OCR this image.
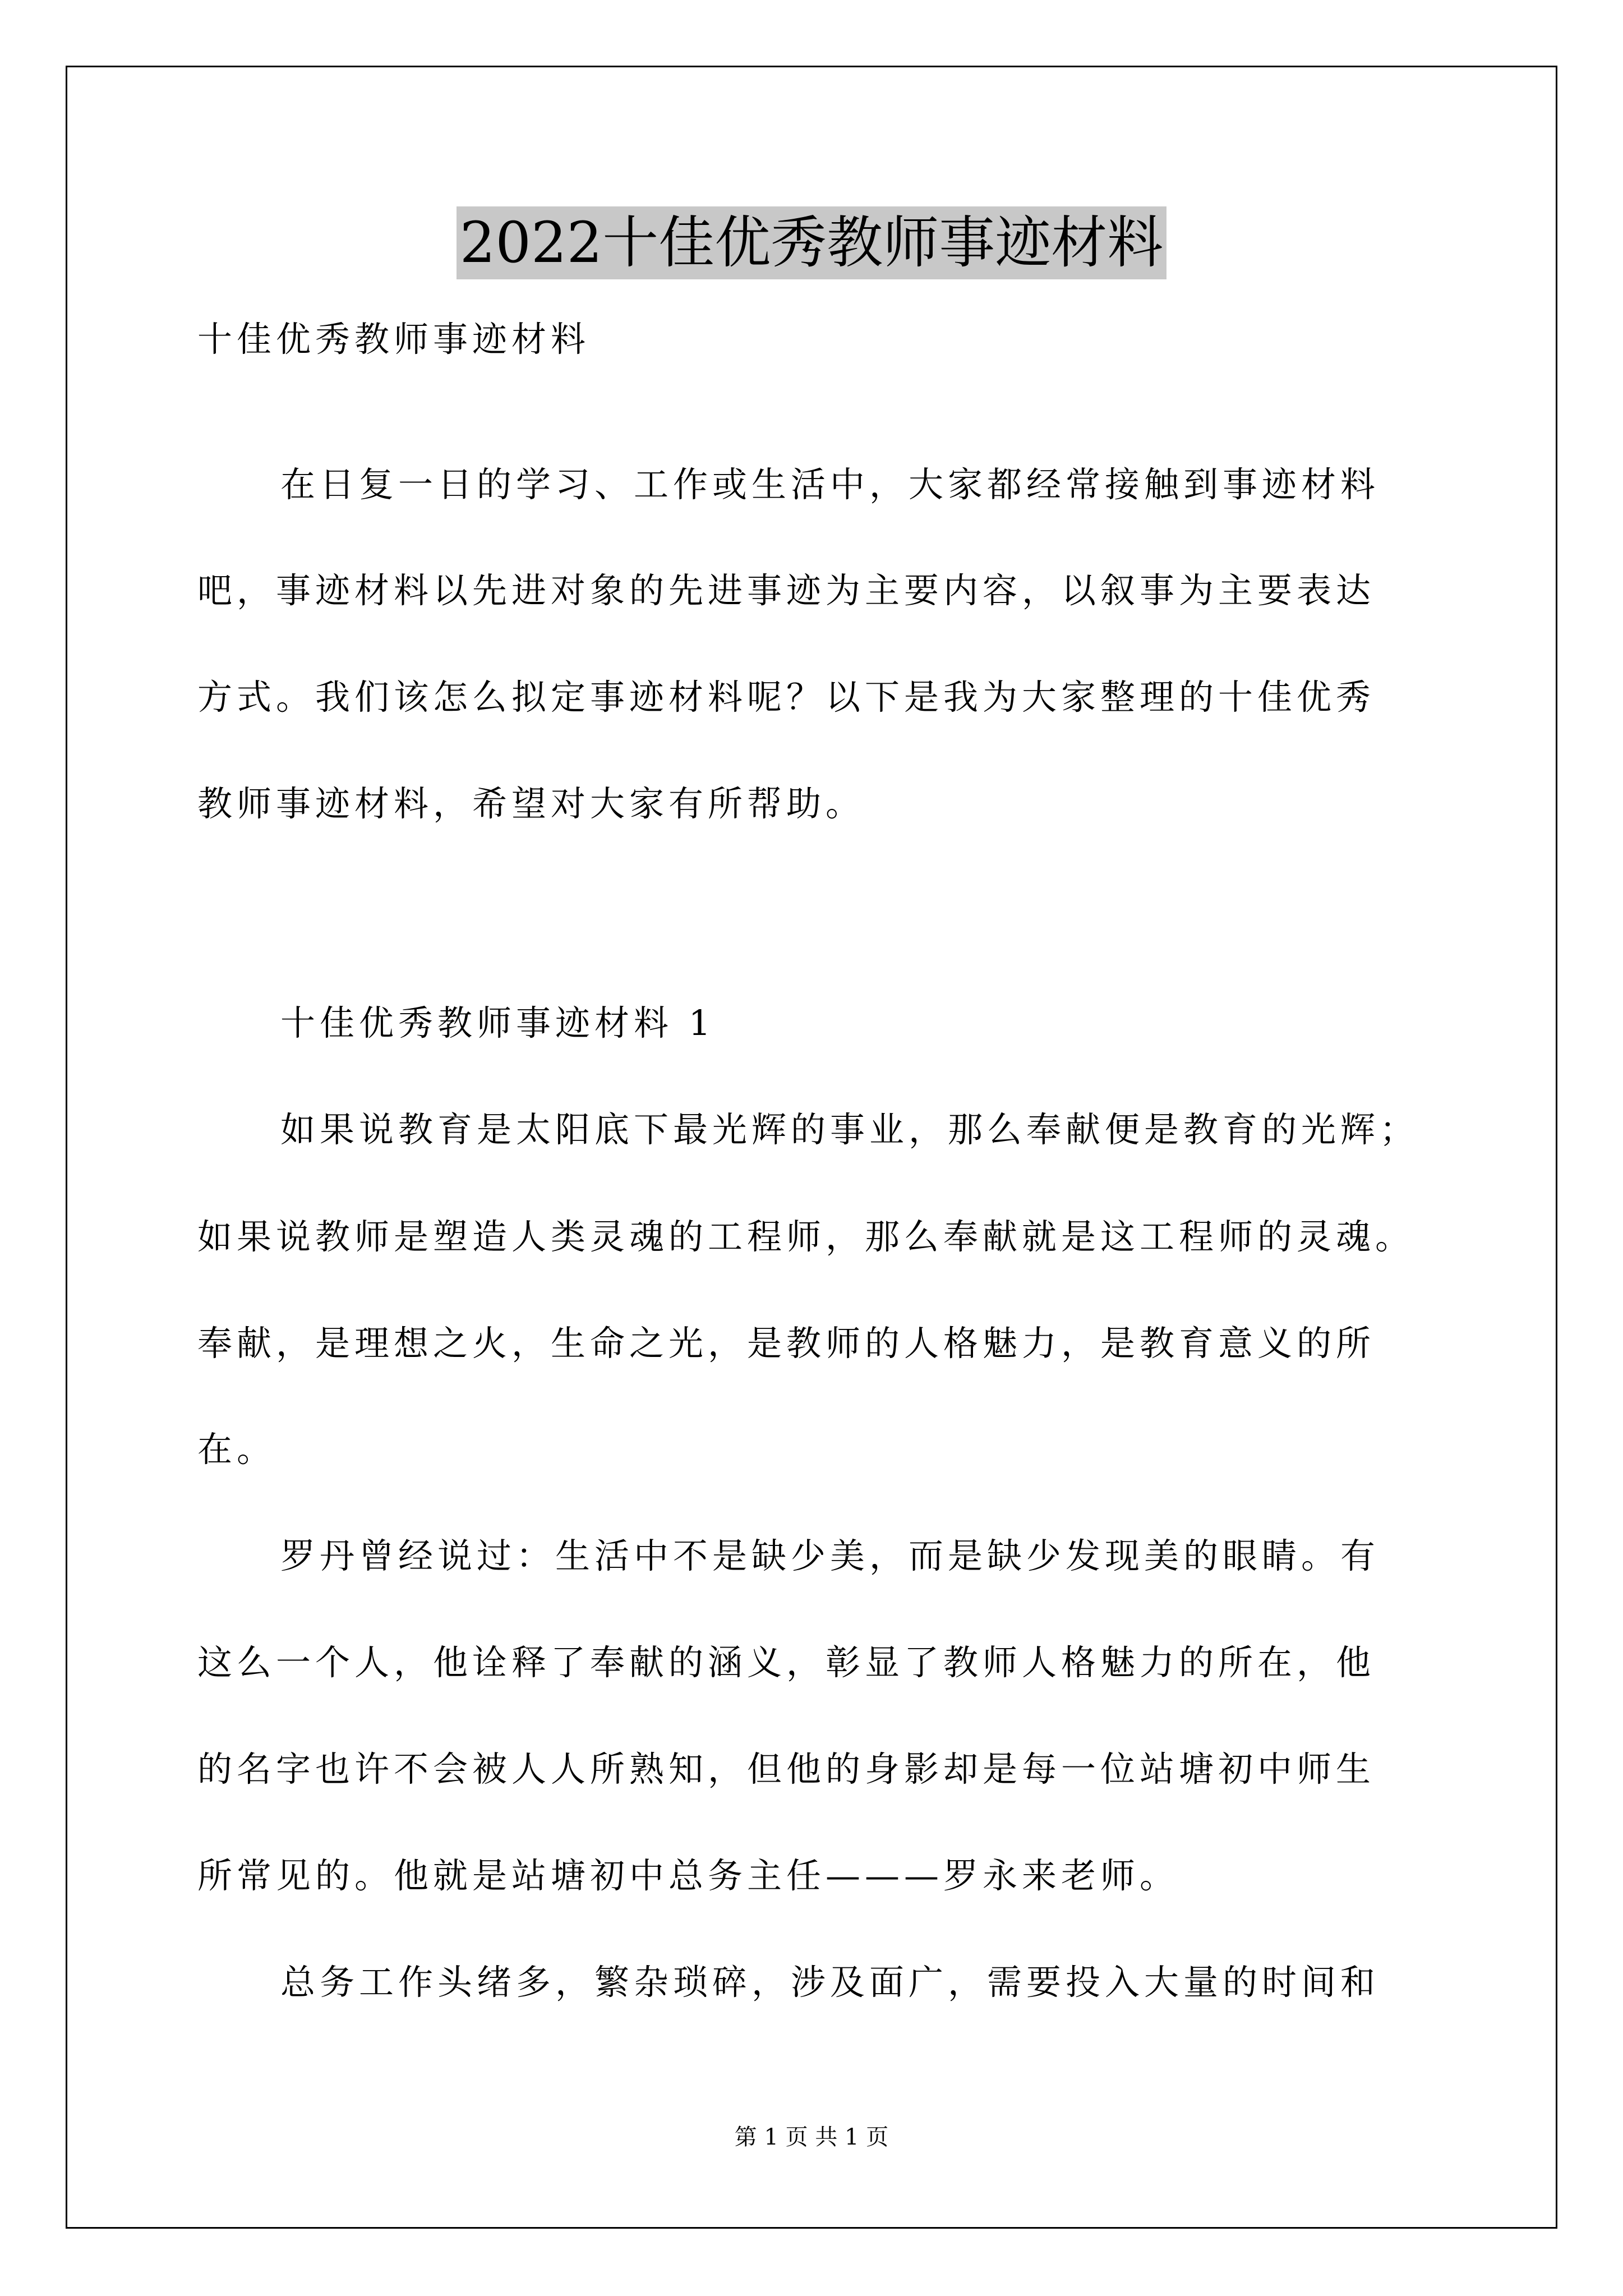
2022十佳优秀教师事迹材料
十佳优秀教师事迹材料
在日复一日的学习、工作或生活中，大家都经常接触到事迹材料
吧，事迹材料以先进对象的先进事迹为主要内容，以叙事为主要表达
方式。我们该怎么拟定事迹材料呢？以下是我为大家整理的十佳优秀
教师事迹材料，希望对大家有所帮助。
十佳优秀教师事迹材料 1
如果说教育是太阳底下最光辉的事业，那么奉献便是教育的光辉；
如果说教师是塑造人类灵魂的工程师，那么奉献就是这工程师的灵魂。
奉献，是理想之火，生命之光，是教师的人格魅力，是教育意义的所
在。
罗丹曾经说过：生活中不是缺少美，而是缺少发现美的眼睛。有
这么一个人，他诠释了奉献的涵义，彰显了教师人格魅力的所在，他
的名字也许不会被人人所熟知，但他的身影却是每一位站塘初中师生
所常见的。他就是站塘初中总务主任———罗永来老师。
总务工作头绪多，繁杂琐碎，涉及面广，需要投入大量的时间和
第 1 页 共 1 页
